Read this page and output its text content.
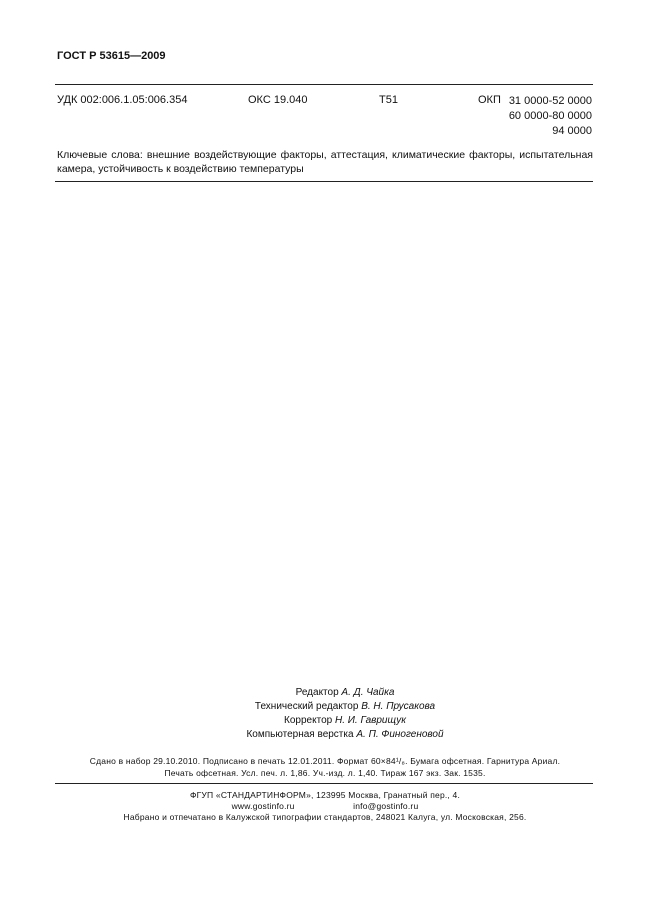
ГОСТ Р 53615—2009
УДК 002:006.1.05:006.354	ОКС 19.040	Т51	ОКП 31 0000-52 0000
60 0000-80 0000
94 0000
Ключевые слова: внешние воздействующие факторы, аттестация, климатические факторы, испытательная камера, устойчивость к воздействию температуры
Редактор А. Д. Чайка
Технический редактор В. Н. Прусакова
Корректор Н. И. Гаврищук
Компьютерная верстка А. П. Финогеновой
Сдано в набор 29.10.2010. Подписано в печать 12.01.2011. Формат 60×84¹/₈. Бумага офсетная. Гарнитура Ариал.
Печать офсетная. Усл. печ. л. 1,86. Уч.-изд. л. 1,40. Тираж 167 экз. Зак. 1535.
ФГУП «СТАНДАРТИНФОРМ», 123995 Москва, Гранатный пер., 4.
www.gostinfo.ru	info@gostinfo.ru
Набрано и отпечатано в Калужской типографии стандартов, 248021 Калуга, ул. Московская, 256.
